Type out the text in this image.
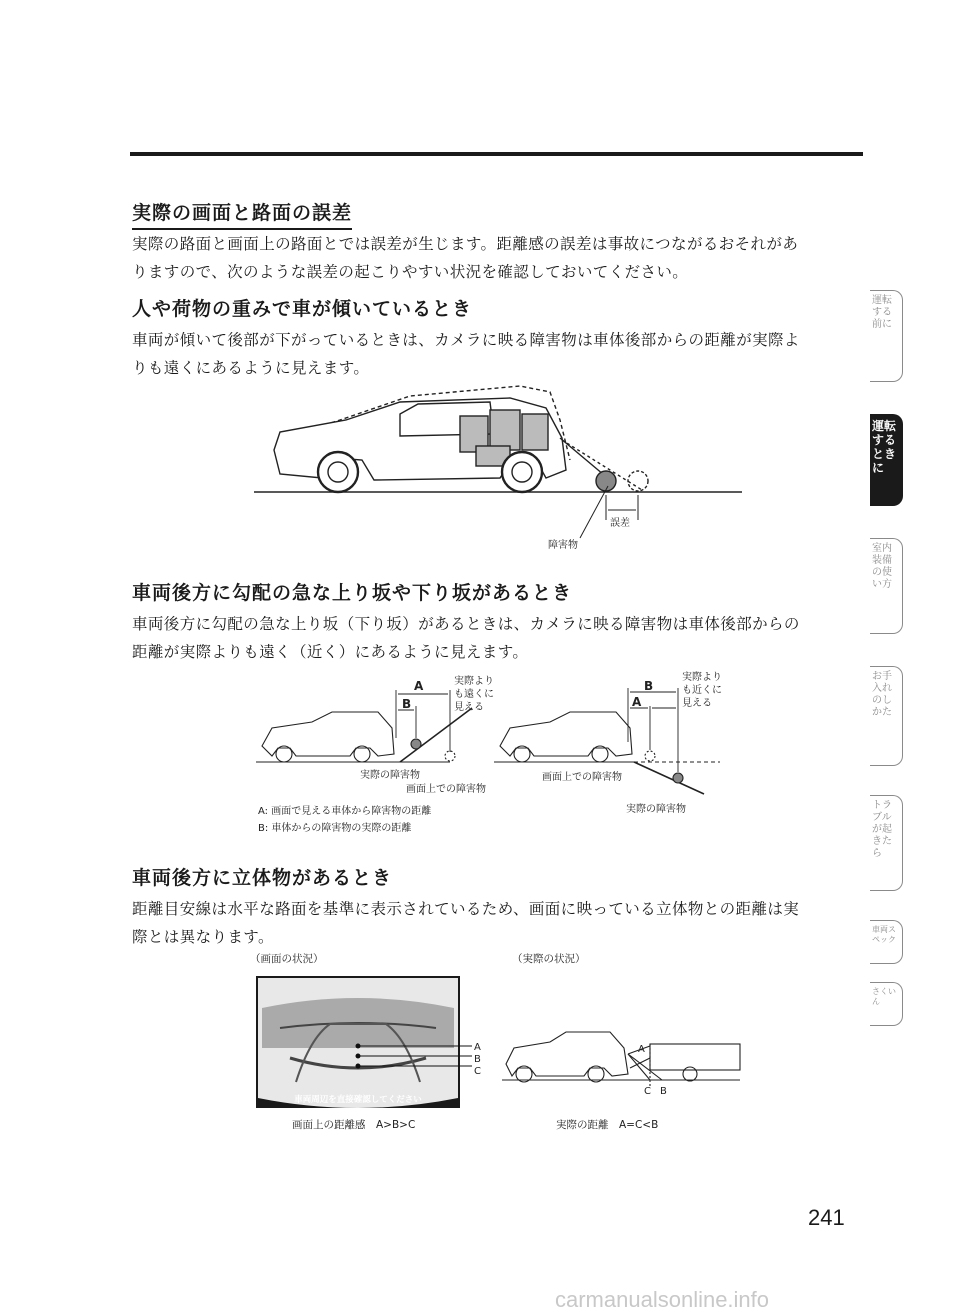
実際の画面と路面の誤差

実際の路面と画面上の路面とでは誤差が生じます。距離感の誤差は事故につながるおそれがあ
りますので、次のような誤差の起こりやすい状況を確認しておいてください。

人や荷物の重みで車が傾いているとき

車両が傾いて後部が下がっているときは、カメラに映る障害物は車体後部からの距離が実際よ
りも遠くにあるように見えます。

誤差
障害物
車両後方に勾配の急な上り坂や下り坂があるとき

車両後方に勾配の急な上り坂（下り坂）があるときは、カメラに映る障害物は車体後部からの
距離が実際よりも遠く（近く）にあるように見えます。

A
B
実際より
も遠くに
見える
B
A
実際より
も近くに
見える
実際の障害物
画面上での障害物
画面上での障害物
実際の障害物
A: 画面で見える車体から障害物の距離
B: 車体からの障害物の実際の距離
車両後方に立体物があるとき

距離目安線は水平な路面を基準に表示されているため、画面に映っている立体物との距離は実
際とは異なります。

（画面の状況）	（実際の状況）
車両周辺を直接確認してください
A
B
C
A
C B
画面上の距離感　A>B>C	実際の距離　A=C<B
運転する前に
運転するときに
室内装備の使い方
お手入れのしかた
トラブルが起きたら
車両スペック
さくいん
241
carmanualsonline.info
